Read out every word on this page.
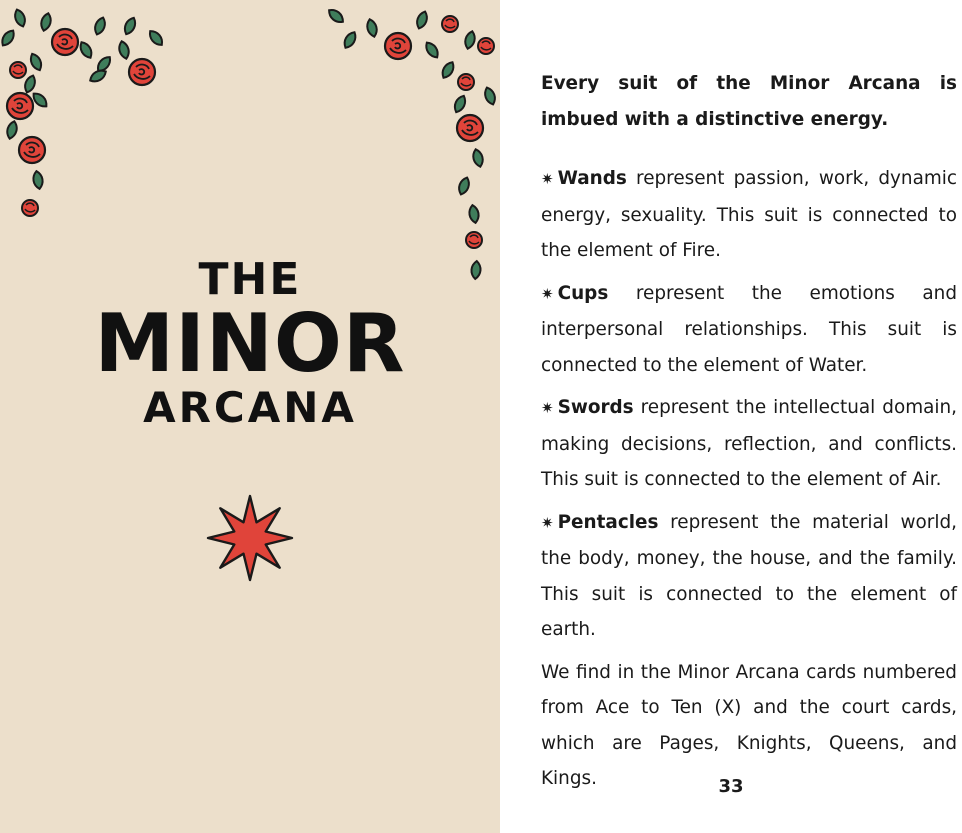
THE
MINOR
ARCANA

Every suit of the Minor Arcana is imbued with a distinctive energy.

✷ Wands represent passion, work, dynamic energy, sexuality. This suit is connected to the element of Fire.

✷ Cups represent the emotions and interpersonal relationships. This suit is connected to the element of Water.

✷ Swords represent the intellectual domain, making decisions, reflection, and conflicts. This suit is connected to the element of Air.

✷ Pentacles represent the material world, the body, money, the house, and the family. This suit is connected to the element of earth.

We find in the Minor Arcana cards numbered from Ace to Ten (X) and the court cards, which are Pages, Knights, Queens, and Kings.	33
